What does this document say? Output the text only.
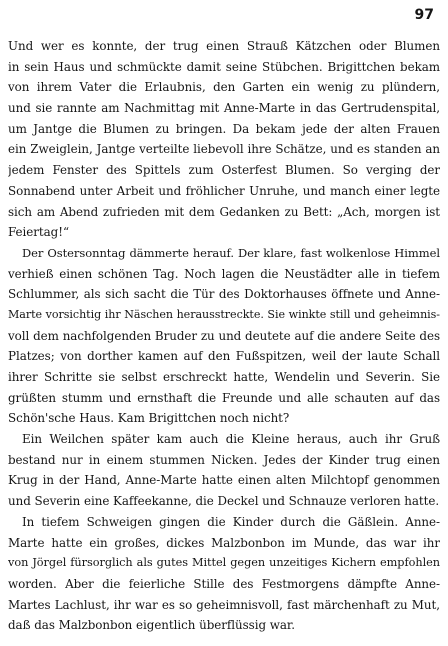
97
Und wer es konnte, der trug einen Strauß Kätzchen oder Blumen
in sein Haus und schmückte damit seine Stübchen. Brigittchen bekam
von ihrem Vater die Erlaubnis, den Garten ein wenig zu plündern,
und sie rannte am Nachmittag mit Anne-Marte in das Gertrudenspital,
um Jantge die Blumen zu bringen. Da bekam jede der alten Frauen
ein Zweiglein, Jantge verteilte liebevoll ihre Schätze, und es standen an
jedem Fenster des Spittels zum Osterfest Blumen. So verging der
Sonnabend unter Arbeit und fröhlicher Unruhe, und manch einer legte
sich am Abend zufrieden mit dem Gedanken zu Bett: „Ach, morgen ist
Feiertag!“
Der Ostersonntag dämmerte herauf. Der klare, fast wolkenlose Himmel
verhieß einen schönen Tag. Noch lagen die Neustädter alle in tiefem
Schlummer, als sich sacht die Tür des Doktorhauses öffnete und Anne-
Marte vorsichtig ihr Näschen herausstreckte. Sie winkte still und geheimnis-
voll dem nachfolgenden Bruder zu und deutete auf die andere Seite des
Platzes; von dorther kamen auf den Fußspitzen, weil der laute Schall
ihrer Schritte sie selbst erschreckt hatte, Wendelin und Severin. Sie
grüßten stumm und ernsthaft die Freunde und alle schauten auf das
Schön'sche Haus. Kam Brigittchen noch nicht?
Ein Weilchen später kam auch die Kleine heraus, auch ihr Gruß
bestand nur in einem stummen Nicken. Jedes der Kinder trug einen
Krug in der Hand, Anne-Marte hatte einen alten Milchtopf genommen
und Severin eine Kaffeekanne, die Deckel und Schnauze verloren hatte.
In tiefem Schweigen gingen die Kinder durch die Gäßlein. Anne-
Marte hatte ein großes, dickes Malzbonbon im Munde, das war ihr
von Jörgel fürsorglich als gutes Mittel gegen unzeitiges Kichern empfohlen
worden. Aber die feierliche Stille des Festmorgens dämpfte Anne-
Martes Lachlust, ihr war es so geheimnisvoll, fast märchenhaft zu Mut,
daß das Malzbonbon eigentlich überflüssig war.
